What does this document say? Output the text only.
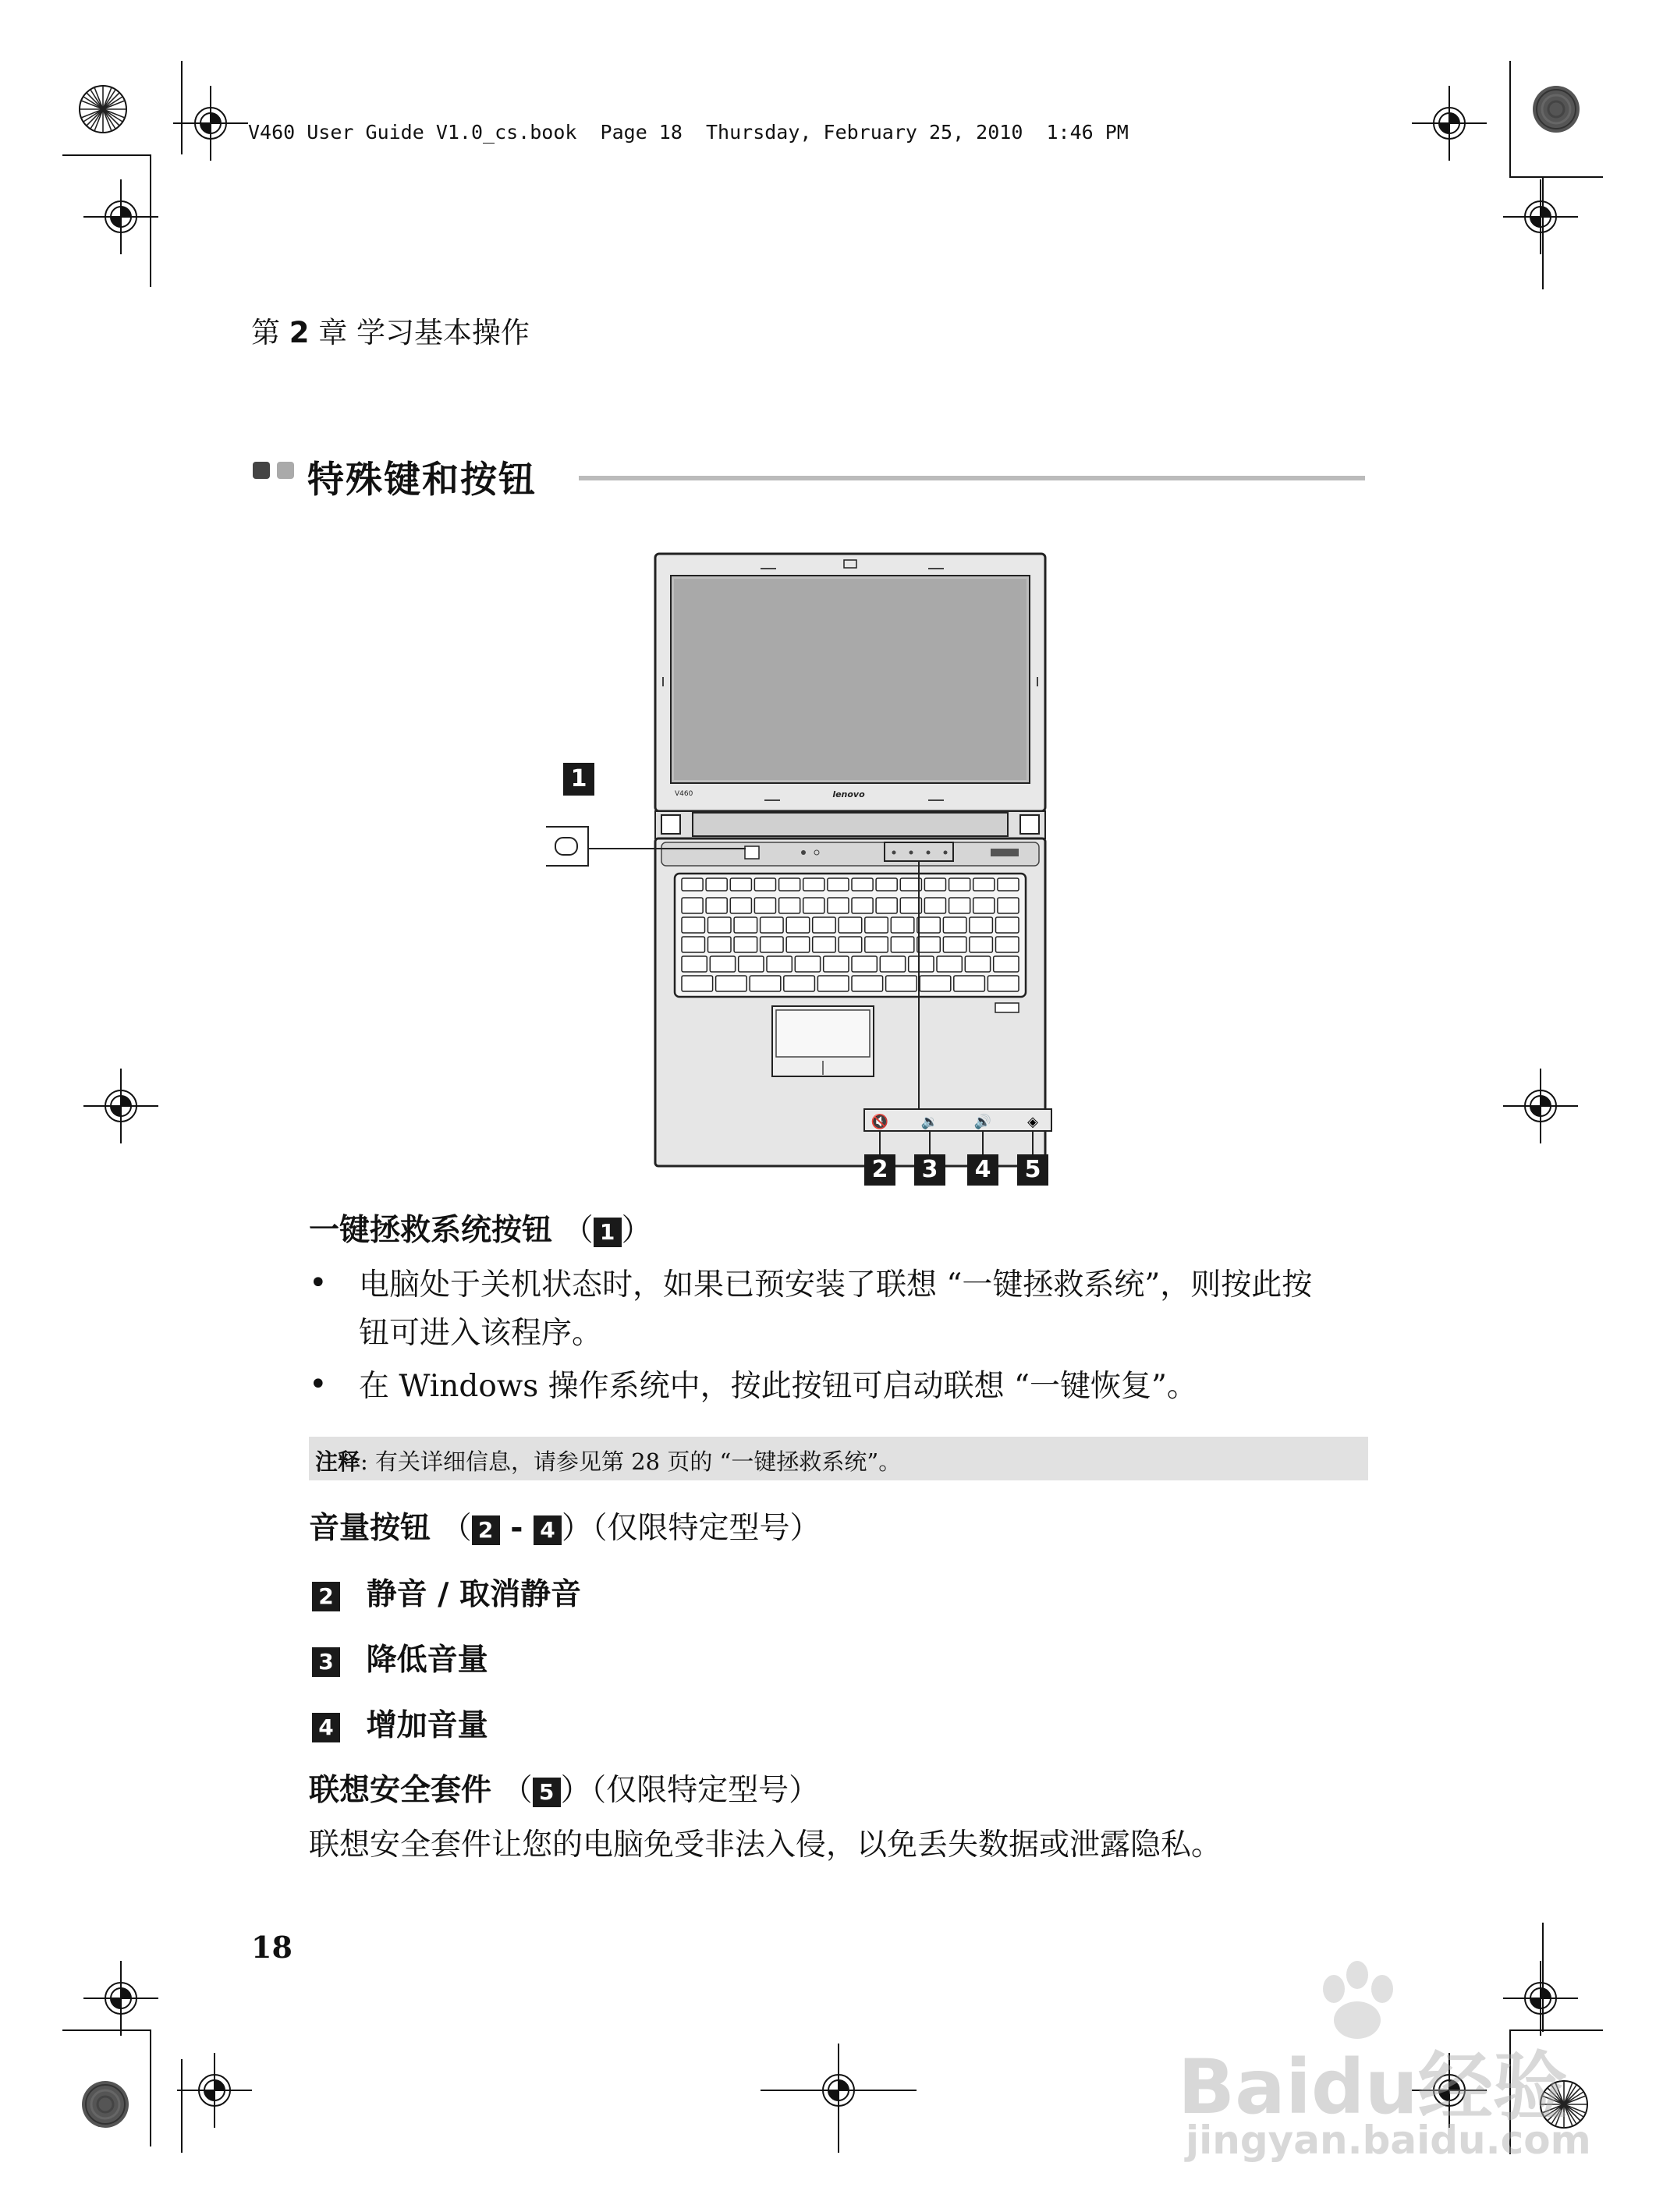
V460 User Guide V1.0_cs.book  Page 18  Thursday, February 25, 2010  1:46 PM
第 2 章 学习基本操作
特殊键和按钮
V460	lenovo
🔇 🔉	🔊	◈
1
2	3	4	5
一键拯救系统按钮 （ 1 ）
• 电脑处于关机状态时，如果已预安装了联想 “一键拯救系统”，则按此按
钮可进入该程序。
• 在 Windows 操作系统中，按此按钮可启动联想 “一键恢复”。
注释: 有关详细信息，请参见第 28 页的 “一键拯救系统”。
音量按钮 （ 2 - 4 ）（仅限特定型号）
2 静音 / 取消静音
3 降低音量
4 增加音量
联想安全套件 （ 5 ）（仅限特定型号）
联想安全套件让您的电脑免受非法入侵，以免丢失数据或泄露隐私。
18
Baidu经验
jingyan.baidu.com
